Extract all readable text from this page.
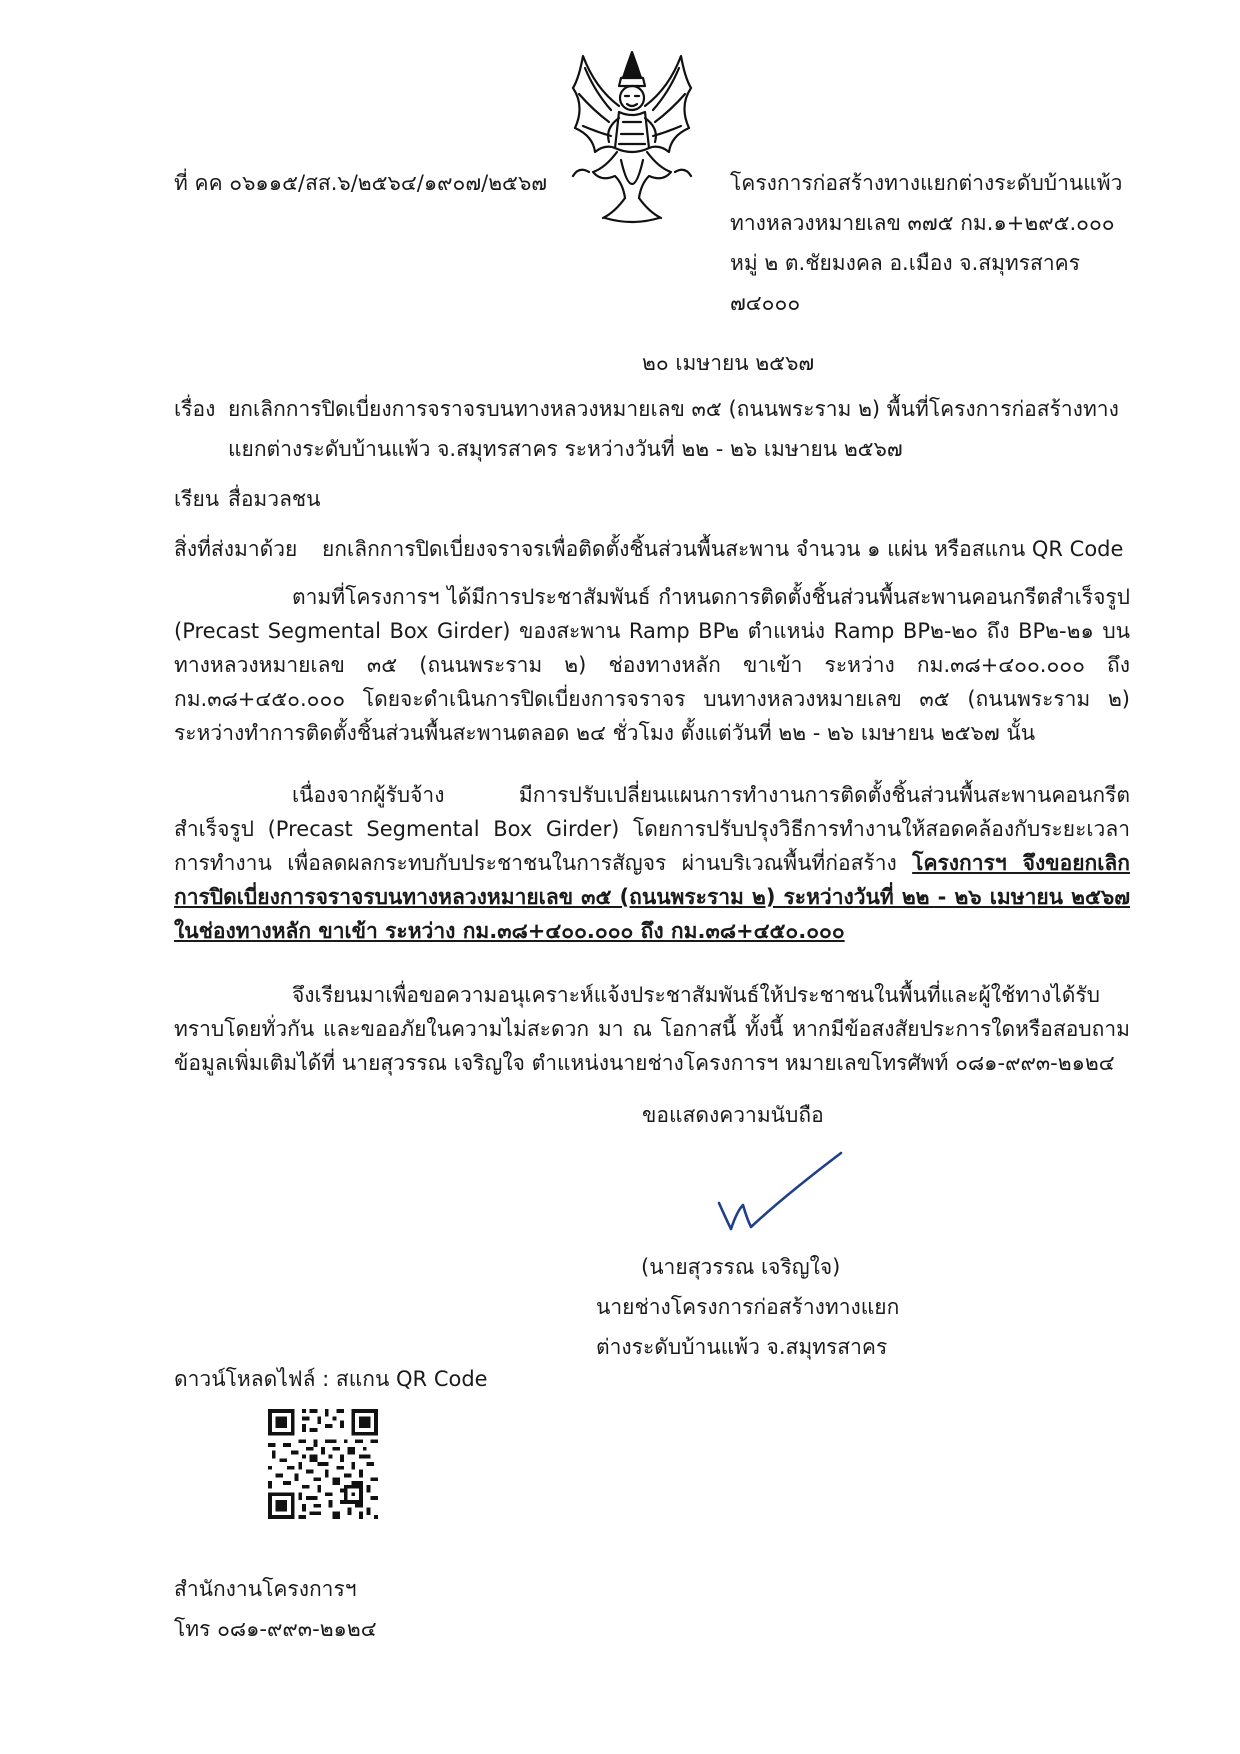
ที่ คค ๐๖๑๑๕/สส.๖/๒๕๖๔/๑๙๐๗/๒๕๖๗	โครงการก่อสร้างทางแยกต่างระดับบ้านแพ้ว
ทางหลวงหมายเลข ๓๗๕ กม.๑+๒๙๕.๐๐๐
หมู่ ๒ ต.ชัยมงคล อ.เมือง จ.สมุทรสาคร
๗๔๐๐๐
๒๐ เมษายน ๒๕๖๗
เรื่อง ยกเลิกการปิดเบี่ยงการจราจรบนทางหลวงหมายเลข ๓๕ (ถนนพระราม ๒) พื้นที่โครงการก่อสร้างทาง
แยกต่างระดับบ้านแพ้ว จ.สมุทรสาคร ระหว่างวันที่ ๒๒ - ๒๖ เมษายน ๒๕๖๗
เรียน สื่อมวลชน
สิ่งที่ส่งมาด้วย ยกเลิกการปิดเบี่ยงจราจรเพื่อติดตั้งชิ้นส่วนพื้นสะพาน จำนวน ๑ แผ่น หรือสแกน QR Code
ตามที่โครงการฯ ได้มีการประชาสัมพันธ์ กำหนดการติดตั้งชิ้นส่วนพื้นสะพานคอนกรีตสำเร็จรูป (Precast Segmental Box Girder) ของสะพาน Ramp BP๒ ตำแหน่ง Ramp BP๒-๒๐ ถึง BP๒-๒๑ บนทางหลวงหมายเลข ๓๕ (ถนนพระราม ๒) ช่องทางหลัก ขาเข้า ระหว่าง กม.๓๘+๔๐๐.๐๐๐ ถึง กม.๓๘+๔๕๐.๐๐๐ โดยจะดำเนินการปิดเบี่ยงการจราจร บนทางหลวงหมายเลข ๓๕ (ถนนพระราม ๒) ระหว่างทำการติดตั้งชิ้นส่วนพื้นสะพานตลอด ๒๔ ชั่วโมง ตั้งแต่วันที่ ๒๒ - ๒๖ เมษายน ๒๕๖๗ นั้น
เนื่องจากผู้รับจ้าง มีการปรับเปลี่ยนแผนการทำงานการติดตั้งชิ้นส่วนพื้นสะพานคอนกรีตสำเร็จรูป (Precast Segmental Box Girder) โดยการปรับปรุงวิธีการทำงานให้สอดคล้องกับระยะเวลาการทำงาน เพื่อลดผลกระทบกับประชาชนในการสัญจร ผ่านบริเวณพื้นที่ก่อสร้าง โครงการฯ จึงขอยกเลิกการปิดเบี่ยงการจราจรบนทางหลวงหมายเลข ๓๕ (ถนนพระราม ๒) ระหว่างวันที่ ๒๒ - ๒๖ เมษายน ๒๕๖๗ ในช่องทางหลัก ขาเข้า ระหว่าง กม.๓๘+๔๐๐.๐๐๐ ถึง กม.๓๘+๔๕๐.๐๐๐
จึงเรียนมาเพื่อขอความอนุเคราะห์แจ้งประชาสัมพันธ์ให้ประชาชนในพื้นที่และผู้ใช้ทางได้รับทราบโดยทั่วกัน และขออภัยในความไม่สะดวก มา ณ โอกาสนี้ ทั้งนี้ หากมีข้อสงสัยประการใดหรือสอบถามข้อมูลเพิ่มเติมได้ที่ นายสุวรรณ เจริญใจ ตำแหน่งนายช่างโครงการฯ หมายเลขโทรศัพท์ ๐๘๑-๙๙๓-๒๑๒๔
ขอแสดงความนับถือ
(นายสุวรรณ เจริญใจ)
นายช่างโครงการก่อสร้างทางแยก
ต่างระดับบ้านแพ้ว จ.สมุทรสาคร
ดาวน์โหลดไฟล์ : สแกน QR Code
สำนักงานโครงการฯ
โทร ๐๘๑-๙๙๓-๒๑๒๔
